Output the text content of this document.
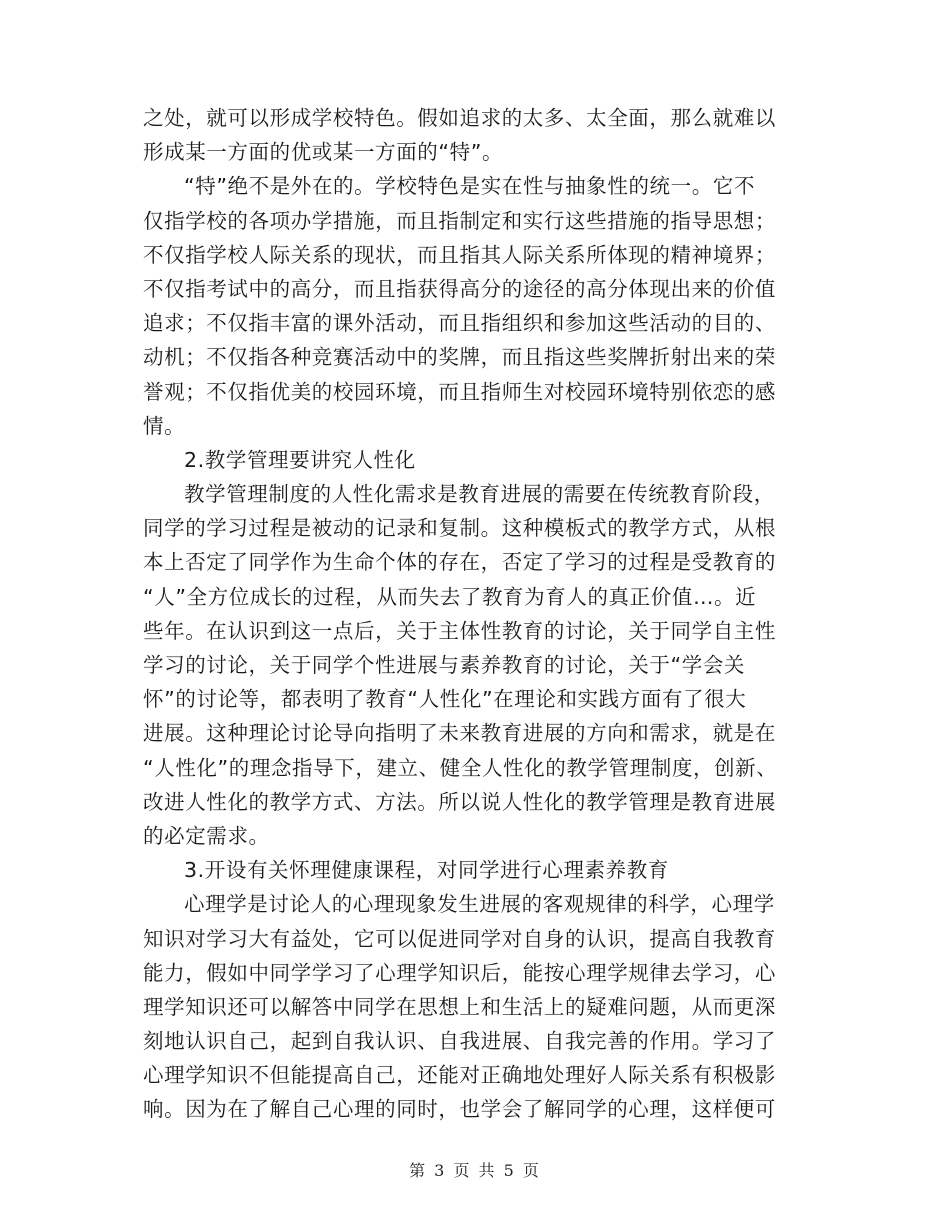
之处，就可以形成学校特色。假如追求的太多、太全面，那么就难以
形成某一方面的优或某一方面的“特”。
“特”绝不是外在的。学校特色是实在性与抽象性的统一。它不
仅指学校的各项办学措施，而且指制定和实行这些措施的指导思想；
不仅指学校人际关系的现状，而且指其人际关系所体现的精神境界；
不仅指考试中的高分，而且指获得高分的途径的高分体现出来的价值
追求；不仅指丰富的课外活动，而且指组织和参加这些活动的目的、
动机；不仅指各种竞赛活动中的奖牌，而且指这些奖牌折射出来的荣
誉观；不仅指优美的校园环境，而且指师生对校园环境特别依恋的感
情。
2.教学管理要讲究人性化
教学管理制度的人性化需求是教育进展的需要在传统教育阶段，
同学的学习过程是被动的记录和复制。这种模板式的教学方式，从根
本上否定了同学作为生命个体的存在，否定了学习的过程是受教育的
“人”全方位成长的过程，从而失去了教育为育人的真正价值…。近
些年。在认识到这一点后，关于主体性教育的讨论，关于同学自主性
学习的讨论，关于同学个性进展与素养教育的讨论，关于“学会关
怀”的讨论等，都表明了教育“人性化”在理论和实践方面有了很大
进展。这种理论讨论导向指明了未来教育进展的方向和需求，就是在
“人性化”的理念指导下，建立、健全人性化的教学管理制度，创新、
改进人性化的教学方式、方法。所以说人性化的教学管理是教育进展
的必定需求。
3.开设有关怀理健康课程，对同学进行心理素养教育
心理学是讨论人的心理现象发生进展的客观规律的科学，心理学
知识对学习大有益处，它可以促进同学对自身的认识，提高自我教育
能力，假如中同学学习了心理学知识后，能按心理学规律去学习，心
理学知识还可以解答中同学在思想上和生活上的疑难问题，从而更深
刻地认识自己，起到自我认识、自我进展、自我完善的作用。学习了
心理学知识不但能提高自己，还能对正确地处理好人际关系有积极影
响。因为在了解自己心理的同时，也学会了解同学的心理，这样便可
第 3 页 共 5 页
